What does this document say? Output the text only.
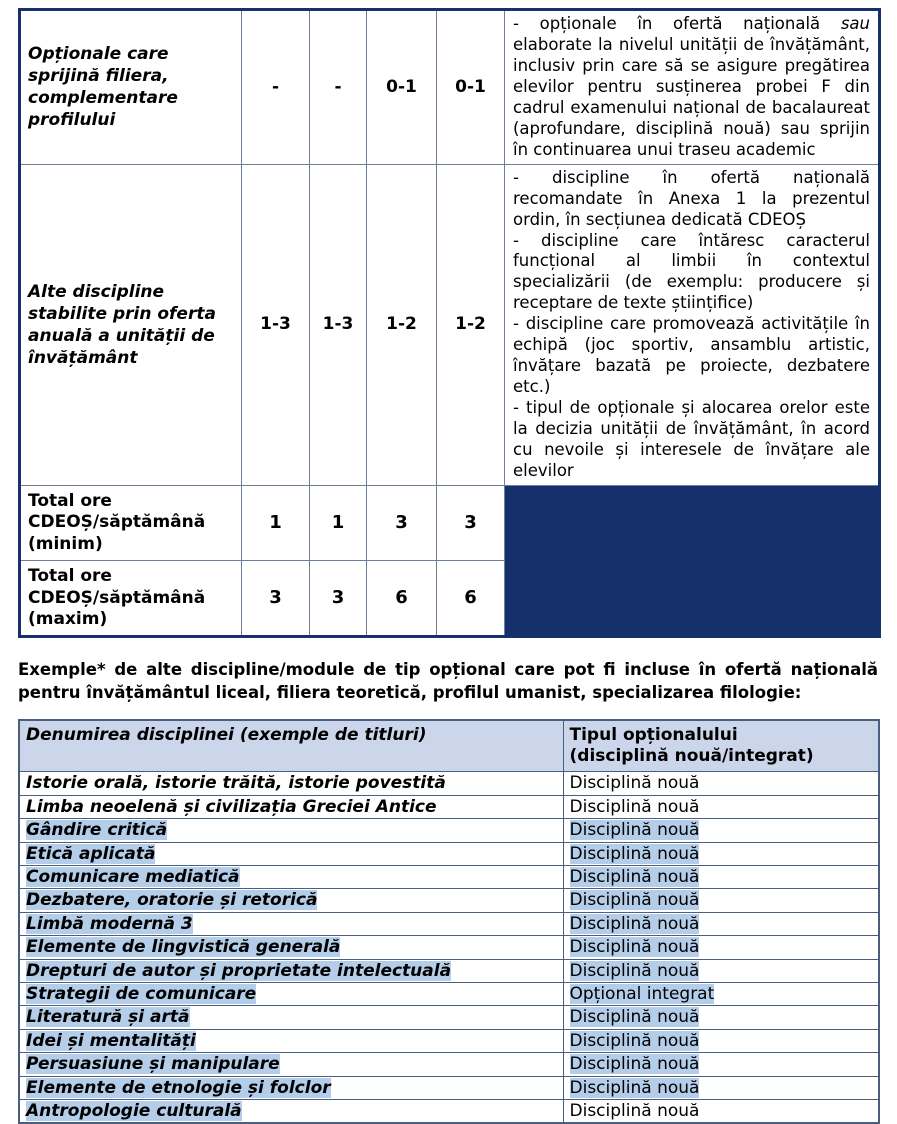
Opționale care sprijină filiera, complementare profilului	-	-	0-1	0-1	- opționale în ofertă națională sau elaborate la nivelul unității de învățământ, inclusiv prin care să se asigure pregătirea elevilor pentru susținerea probei F din cadrul examenului național de bacalaureat (aprofundare, disciplină nouă) sau sprijin în continuarea unui traseu academic
Alte discipline stabilite prin oferta anuală a unității de învățământ	1-3	1-3	1-2	1-2	- discipline în ofertă națională recomandate în Anexa 1 la prezentul ordin, în secțiunea dedicată CDEOȘ
- discipline care întăresc caracterul funcțional al limbii în contextul specializării (de exemplu: producere și receptare de texte științifice)
- discipline care promovează activitățile în echipă (joc sportiv, ansamblu artistic, învățare bazată pe proiecte, dezbatere etc.)
- tipul de opționale și alocarea orelor este la decizia unității de învățământ, în acord cu nevoile și interesele de învățare ale elevilor
Total ore CDEOȘ/săptămână (minim)	1	1	3	3	
Total ore CDEOȘ/săptămână (maxim)	3	3	6	6	

Exemple* de alte discipline/module de tip opțional care pot fi incluse în ofertă națională pentru învățământul liceal, filiera teoretică, profilul umanist, specializarea filologie:

Denumirea disciplinei (exemple de titluri)	Tipul opționalului
(disciplină nouă/integrat)
Istorie orală, istorie trăită, istorie povestită	Disciplină nouă
Limba neoelenă și civilizația Greciei Antice	Disciplină nouă
Gândire critică	Disciplină nouă
Etică aplicată	Disciplină nouă
Comunicare mediatică	Disciplină nouă
Dezbatere, oratorie și retorică	Disciplină nouă
Limbă modernă 3	Disciplină nouă
Elemente de lingvistică generală	Disciplină nouă
Drepturi de autor și proprietate intelectuală	Disciplină nouă
Strategii de comunicare	Opțional integrat
Literatură și artă	Disciplină nouă
Idei și mentalități	Disciplină nouă
Persuasiune și manipulare	Disciplină nouă
Elemente de etnologie și folclor	Disciplină nouă
Antropologie culturală	Disciplină nouă
